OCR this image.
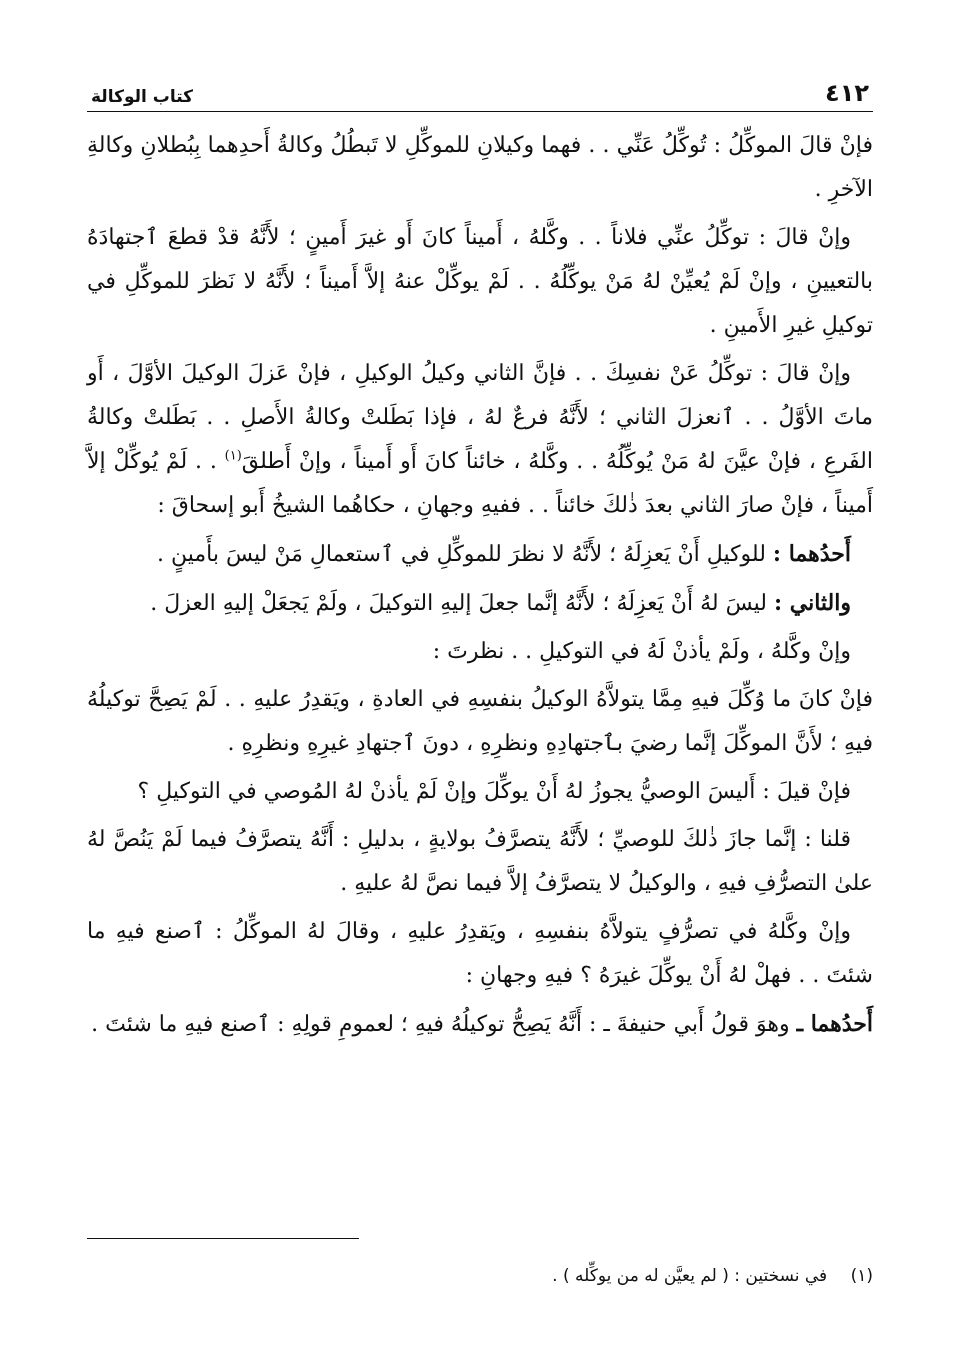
٤١٢
كتاب الوكالة

فإنْ قالَ الموكِّلُ : تُوكِّلُ عَنِّي . . فهما وكيلانِ للموكِّلِ لا تَبطُلُ وكالةُ أَحدِهما بِبُطلانِ وكالةِ الآخرِ .

وإنْ قالَ : توكِّلُ عنِّي فلاناً . . وكَّلهُ ، أَميناً كانَ أَو غيرَ أَمينٍ ؛ لأَنَّهُ قدْ قطعَ ٱجتهادَهُ بالتعيينِ ، وإنْ لَمْ يُعيِّنْ لهُ مَنْ يوكِّلُهُ . . لَمْ يوكِّلْ عنهُ إلاَّ أَميناً ؛ لأَنَّهُ لا نَظرَ للموكِّلِ في توكيلِ غيرِ الأَمينِ .

وإنْ قالَ : توكِّلُ عَنْ نفسِكَ . . فإنَّ الثاني وكيلُ الوكيلِ ، فإنْ عَزلَ الوكيلَ الأوَّلَ ، أَو ماتَ الأوَّلُ . . ٱنعزلَ الثاني ؛ لأَنَّهُ فرعٌ لهُ ، فإذا بَطَلتْ وكالةُ الأَصلِ . . بَطَلتْ وكالةُ الفَرعِ ، فإنْ عيَّنَ لهُ مَنْ يُوكِّلُهُ . . وكَّلهُ ، خائناً كانَ أَو أَميناً ، وإنْ أَطلقَ$^{(١)}$ . . لَمْ يُوكِّلْ إلاَّ أَميناً ، فإنْ صارَ الثاني بعدَ ذٰلكَ خائناً . . ففيهِ وجهانِ ، حكاهُما الشيخُ أَبو إسحاقَ :

أَحدُهما : للوكيلِ أَنْ يَعزِلَهُ ؛ لأَنَّهُ لا نظرَ للموكِّلِ في ٱستعمالِ مَنْ ليسَ بأَمينٍ .

والثاني : ليسَ لهُ أَنْ يَعزِلَهُ ؛ لأَنَّهُ إنَّما جعلَ إليهِ التوكيلَ ، ولَمْ يَجعَلْ إليهِ العزلَ .

وإنْ وكَّلهُ ، ولَمْ يأذنْ لَهُ في التوكيلِ . . نظرتَ :

فإنْ كانَ ما وُكِّلَ فيهِ مِمَّا يتولاَّهُ الوكيلُ بنفسِهِ في العادةِ ، ويَقدِرُ عليهِ . . لَمْ يَصِحَّ توكيلُهُ فيهِ ؛ لأَنَّ الموكِّلَ إنَّما رضيَ بٱجتهادِهِ ونظرِهِ ، دونَ ٱجتهادِ غيرِهِ ونظرِهِ .

فإنْ قيلَ : أَليسَ الوصيُّ يجوزُ لهُ أَنْ يوكِّلَ وإنْ لَمْ يأذنْ لهُ المُوصي في التوكيلِ ؟

قلنا : إنَّما جازَ ذٰلكَ للوصيِّ ؛ لأَنَّهُ يتصرَّفُ بولايةٍ ، بدليلِ : أَنَّهُ يتصرَّفُ فيما لَمْ يَنُصَّ لهُ علىٰ التصرُّفِ فيهِ ، والوكيلُ لا يتصرَّفُ إلاَّ فيما نصَّ لهُ عليهِ .

وإنْ وكَّلهُ في تصرُّفٍ يتولاَّهُ بنفسِهِ ، ويَقدِرُ عليهِ ، وقالَ لهُ الموكِّلُ : ٱصنع فيهِ ما شئتَ . . فهلْ لهُ أَنْ يوكِّلَ غيرَهُ ؟ فيهِ وجهانِ :

أَحدُهما ـ وهوَ قولُ أَبي حنيفةَ ـ : أَنَّهُ يَصِحُّ توكيلُهُ فيهِ ؛ لعمومِ قولِهِ : ٱصنع فيهِ ما شئتَ .

(١) في نسختين : ( لم يعيَّن له من يوكِّله ) .
